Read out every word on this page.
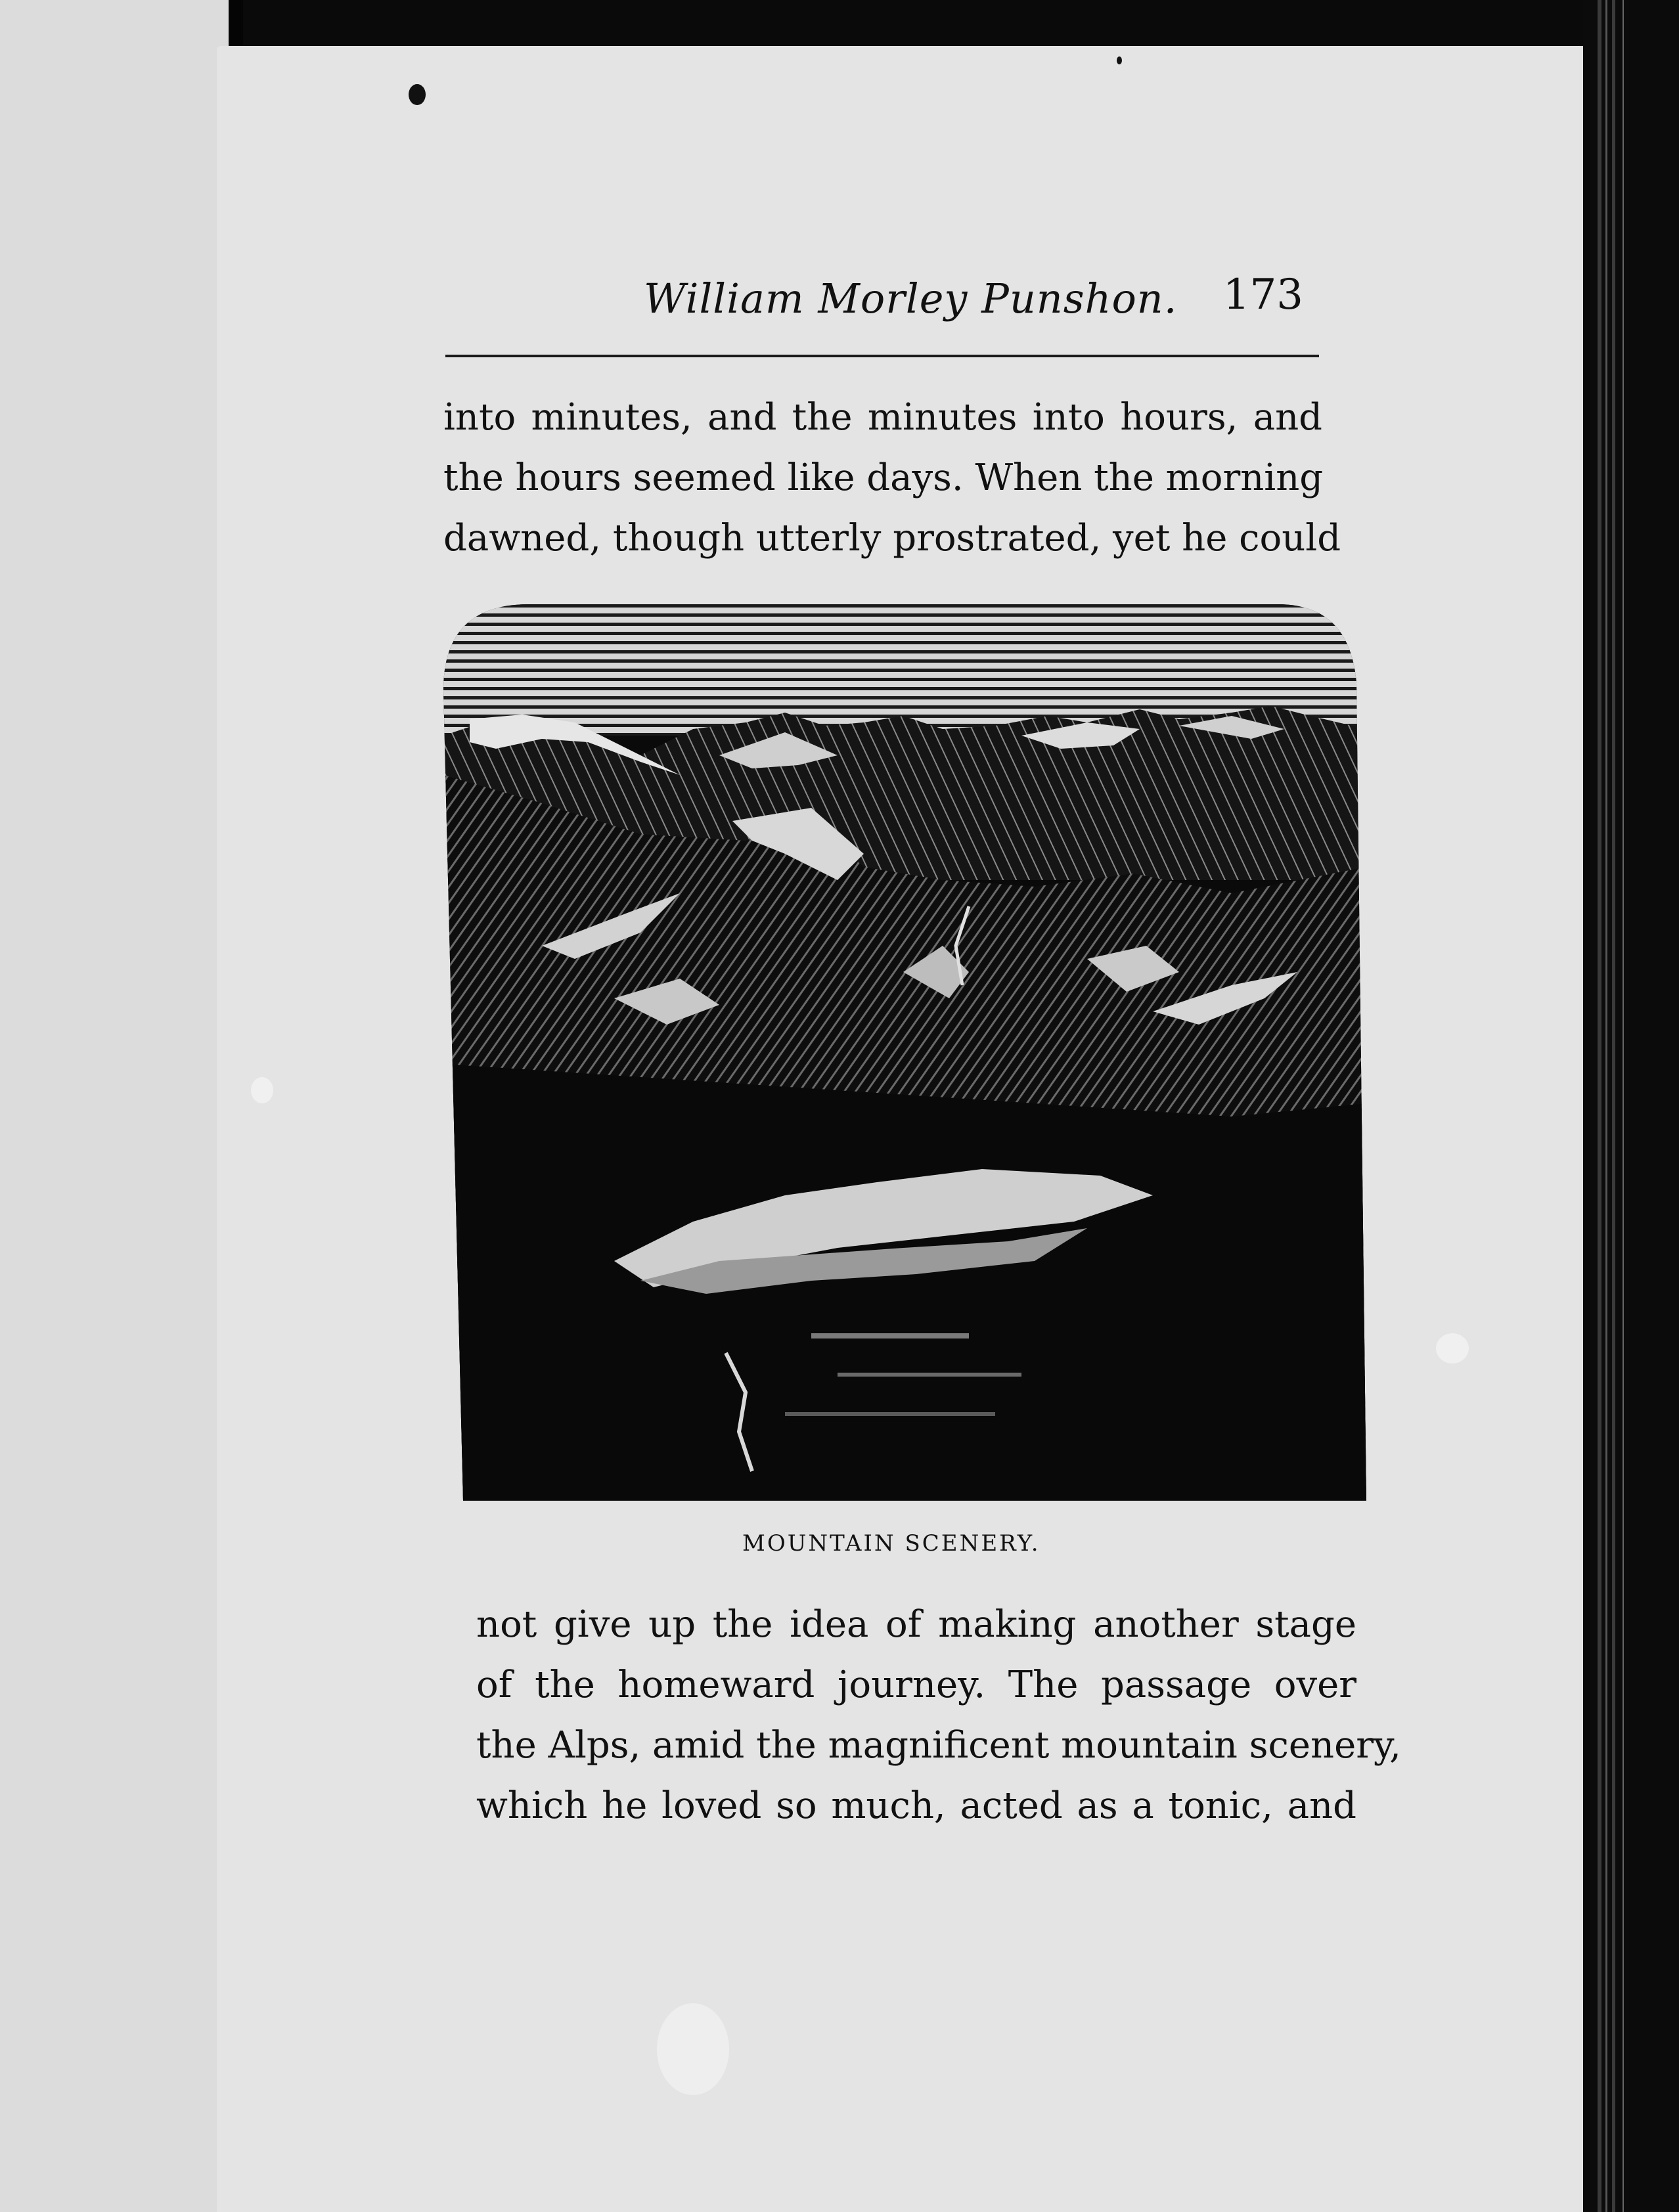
William Morley Punshon. 173
into minutes, and the minutes into hours, and
the hours seemed like days. When the morning
dawned, though utterly prostrated, yet he could
MOUNTAIN SCENERY.
not give up the idea of making another stage
of the homeward journey. The passage over
the Alps, amid the magnificent mountain scenery,
which he loved so much, acted as a tonic, and
